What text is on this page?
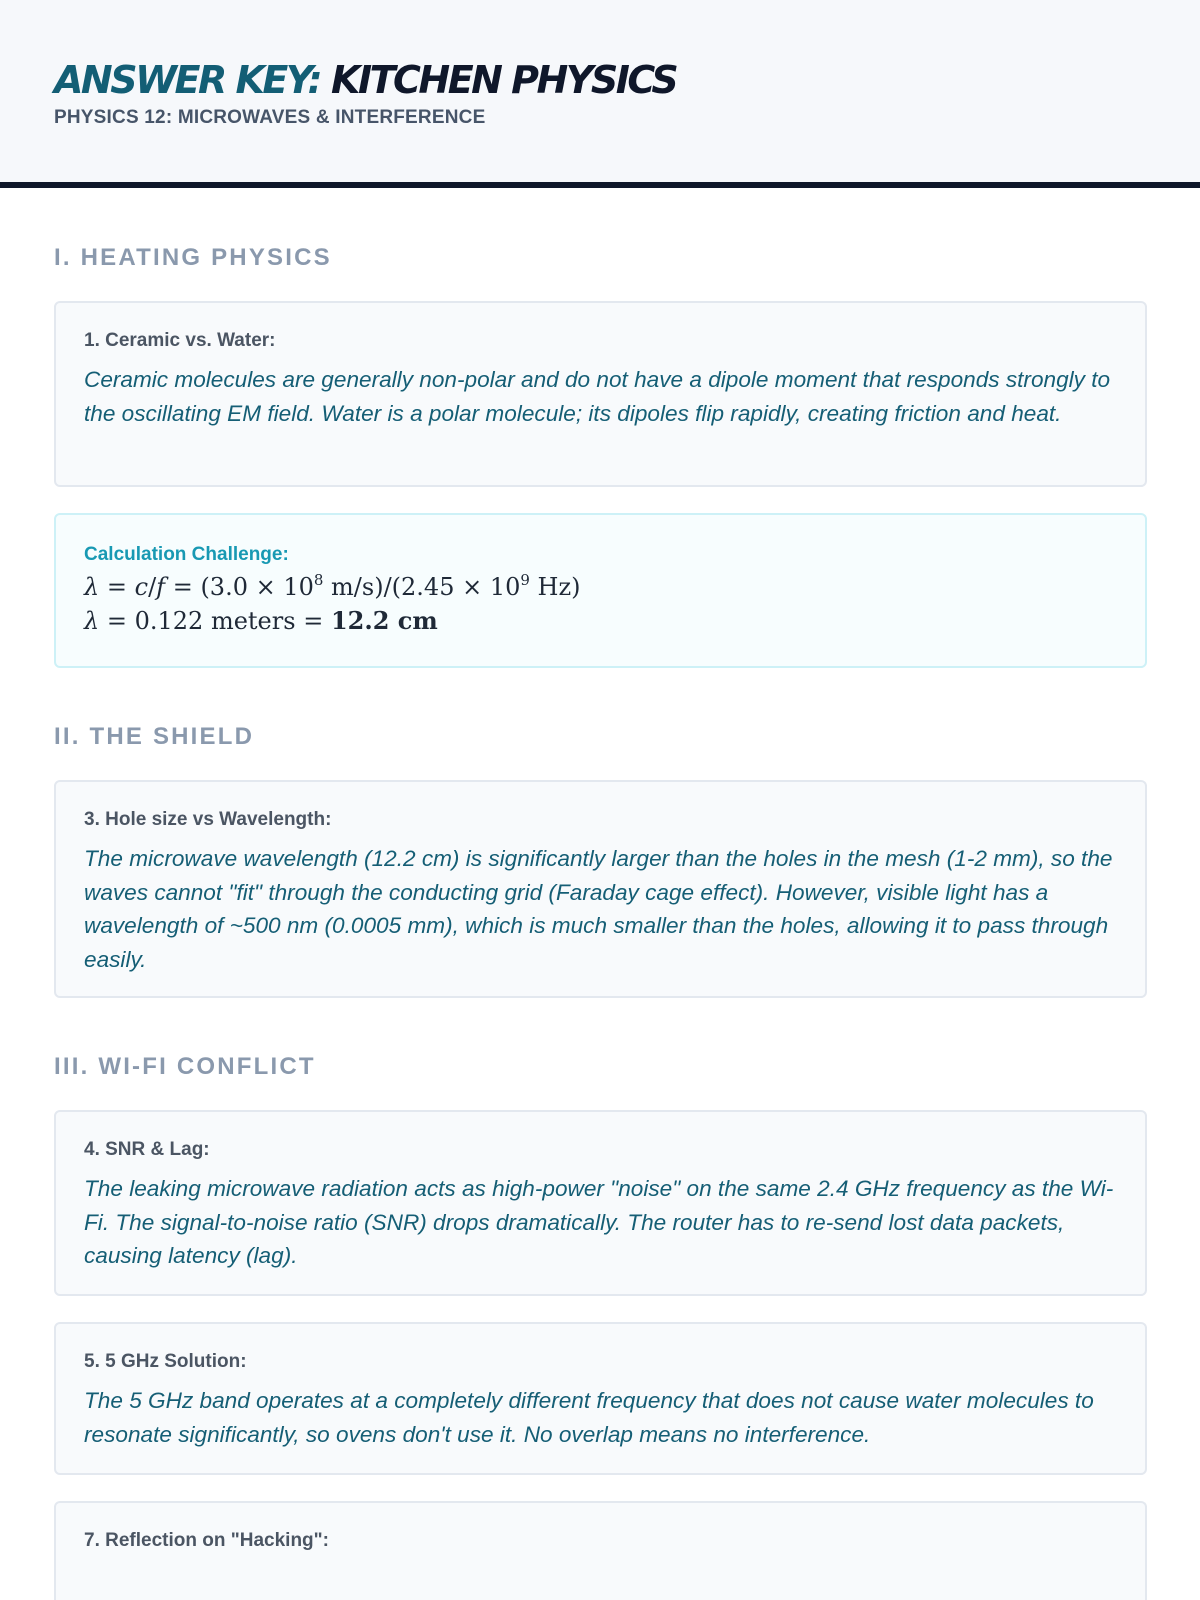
ANSWER KEY: KITCHEN PHYSICS
PHYSICS 12: MICROWAVES & INTERFERENCE
I. HEATING PHYSICS
1. Ceramic vs. Water:
Ceramic molecules are generally non-polar and do not have a dipole moment that responds strongly to the oscillating EM field. Water is a polar molecule; its dipoles flip rapidly, creating friction and heat.
Calculation Challenge:
$\lambda = c/f = (3.0 \times 10^8$ $m/s)/(2.45 \times 10^9$ Hz)
λ = 0.122 meters = 12.2 cm
II. THE SHIELD
3. Hole size vs Wavelength:
The microwave wavelength (12.2 cm) is significantly larger than the holes in the mesh (1-2 mm), so the waves cannot "fit" through the conducting grid (Faraday cage effect). However, visible light has a wavelength of ~500 nm (0.0005 mm), which is much smaller than the holes, allowing it to pass through easily.
III. WI-FI CONFLICT
4. SNR & Lag:
The leaking microwave radiation acts as high-power "noise" on the same 2.4 GHz frequency as the Wi-Fi. The signal-to-noise ratio (SNR) drops dramatically. The router has to re-send lost data packets, causing latency (lag).
5. 5 GHz Solution:
The 5 GHz band operates at a completely different frequency that does not cause water molecules to resonate significantly, so ovens don't use it. No overlap means no interference.
7. Reflection on "Hacking":
